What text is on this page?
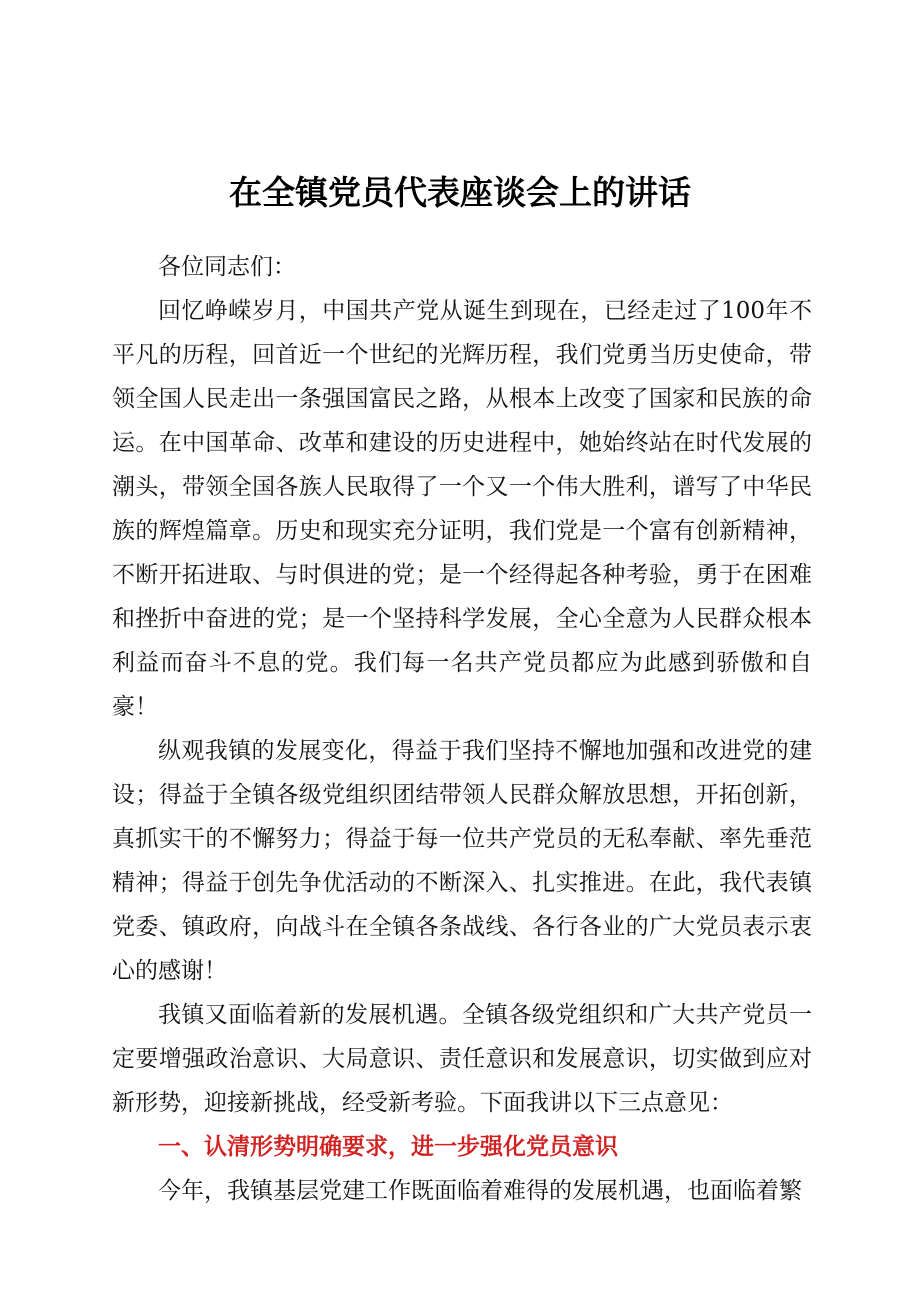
在全镇党员代表座谈会上的讲话

各位同志们：

回忆峥嵘岁月，中国共产党从诞生到现在，已经走过了100年不平凡的历程，回首近一个世纪的光辉历程，我们党勇当历史使命，带领全国人民走出一条强国富民之路，从根本上改变了国家和民族的命运。在中国革命、改革和建设的历史进程中，她始终站在时代发展的潮头，带领全国各族人民取得了一个又一个伟大胜利，谱写了中华民族的辉煌篇章。历史和现实充分证明，我们党是一个富有创新精神，不断开拓进取、与时俱进的党；是一个经得起各种考验，勇于在困难和挫折中奋进的党；是一个坚持科学发展，全心全意为人民群众根本利益而奋斗不息的党。我们每一名共产党员都应为此感到骄傲和自豪！

纵观我镇的发展变化，得益于我们坚持不懈地加强和改进党的建设；得益于全镇各级党组织团结带领人民群众解放思想，开拓创新，真抓实干的不懈努力；得益于每一位共产党员的无私奉献、率先垂范精神；得益于创先争优活动的不断深入、扎实推进。在此，我代表镇党委、镇政府，向战斗在全镇各条战线、各行各业的广大党员表示衷心的感谢！

我镇又面临着新的发展机遇。全镇各级党组织和广大共产党员一定要增强政治意识、大局意识、责任意识和发展意识，切实做到应对新形势，迎接新挑战，经受新考验。下面我讲以下三点意见：

一、认清形势明确要求，进一步强化党员意识

今年，我镇基层党建工作既面临着难得的发展机遇，也面临着繁
